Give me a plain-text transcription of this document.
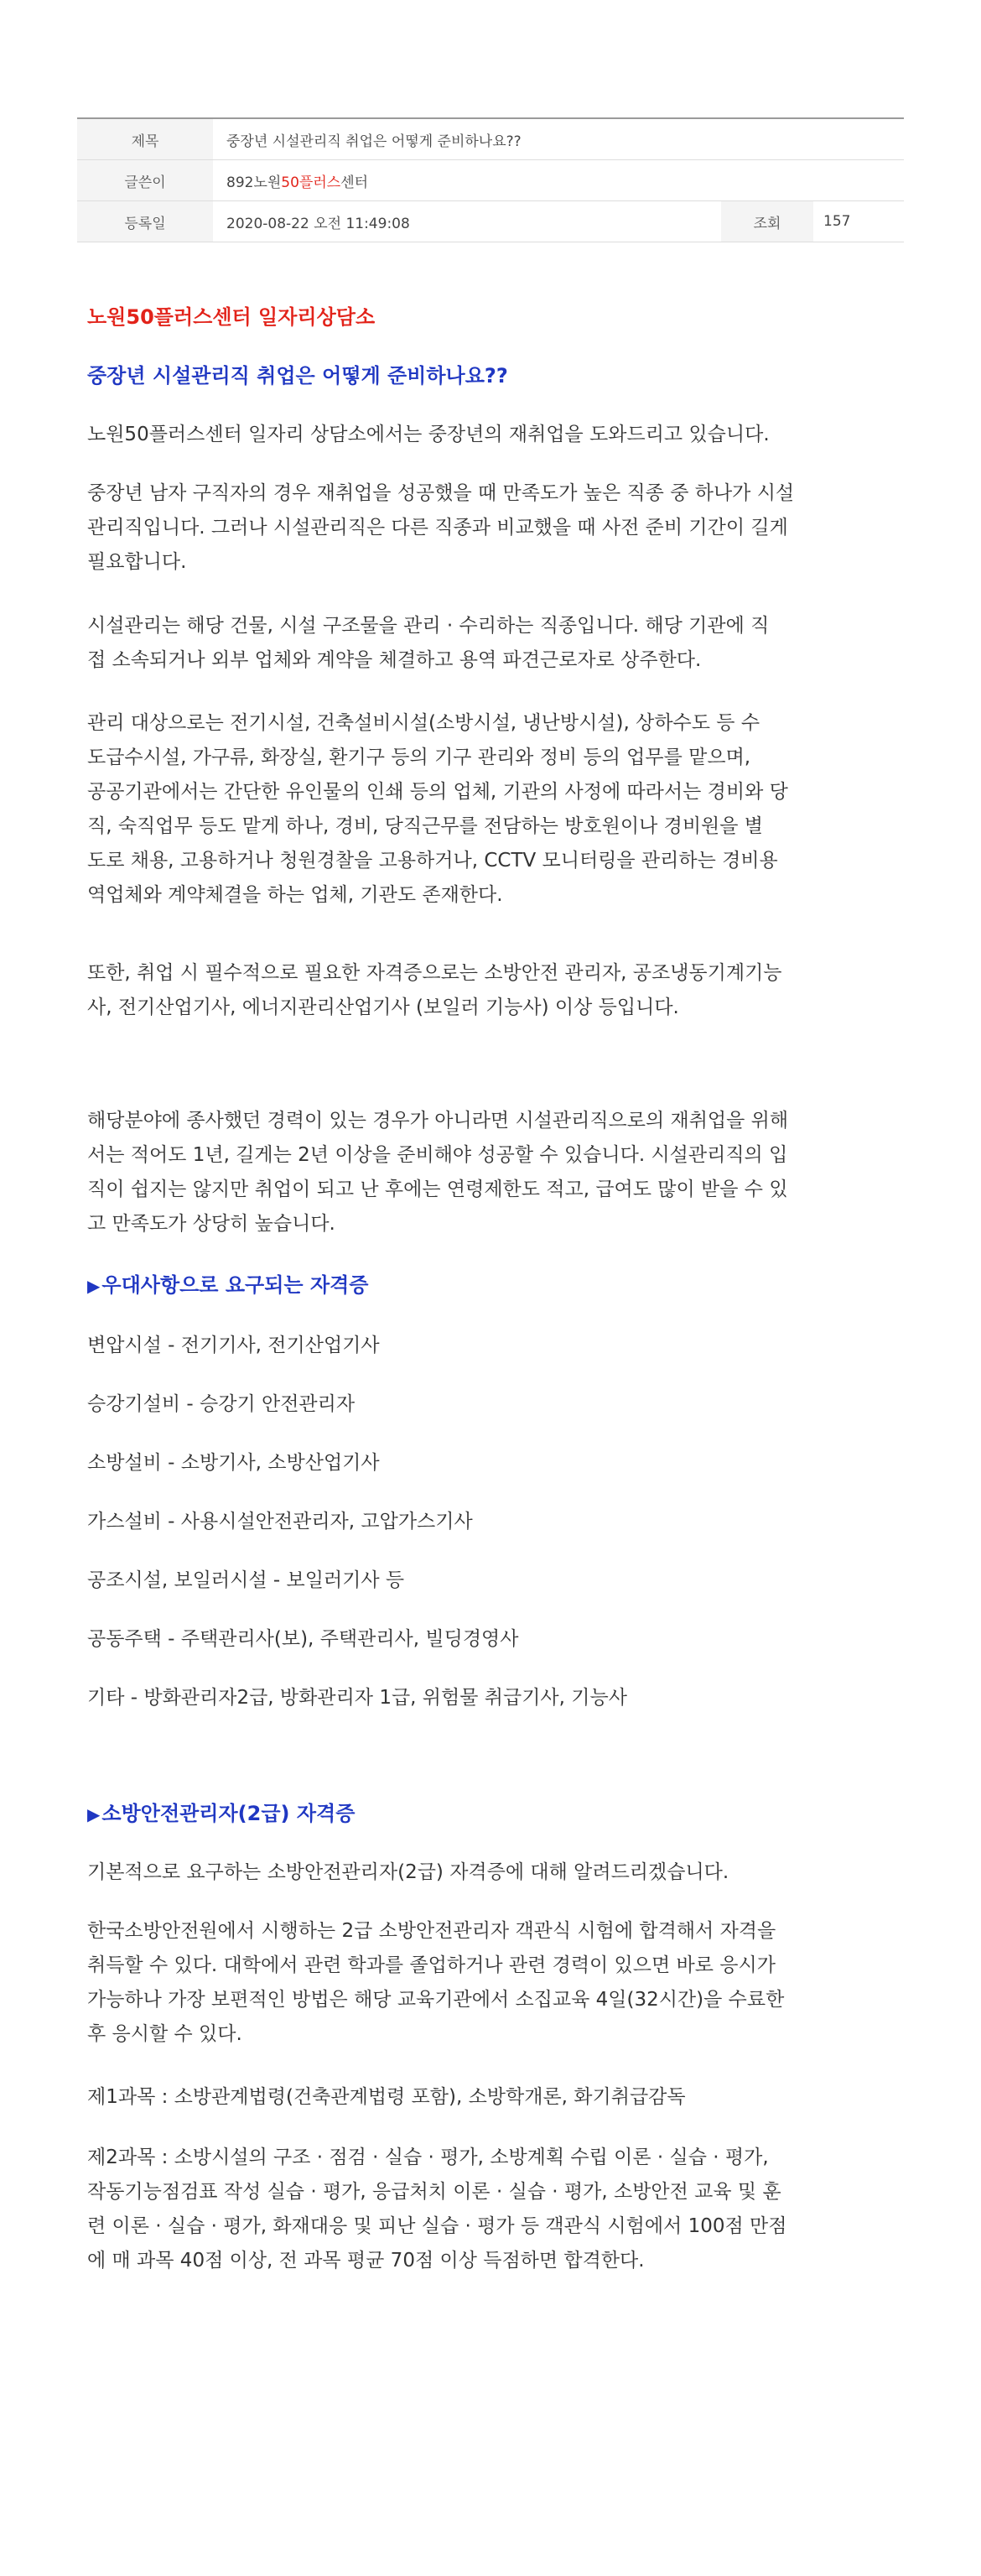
제목	중장년 시설관리직 취업은 어떻게 준비하나요??
글쓴이	892노원 50플러스 센터
등록일	2020-08-22 오전 11:49:08	조회	157

노원50플러스센터 일자리상담소

중장년 시설관리직 취업은 어떻게 준비하나요??

노원50플러스센터 일자리 상담소에서는 중장년의 재취업을 도와드리고 있습니다.

중장년 남자 구직자의 경우 재취업을 성공했을 때 만족도가 높은 직종 중 하나가 시설

관리직입니다. 그러나 시설관리직은 다른 직종과 비교했을 때 사전 준비 기간이 길게

필요합니다.

시설관리는 해당 건물, 시설 구조물을 관리 · 수리하는 직종입니다. 해당 기관에 직

접 소속되거나 외부 업체와 계약을 체결하고 용역 파견근로자로 상주한다.

관리 대상으로는 전기시설, 건축설비시설(소방시설, 냉난방시설), 상하수도 등 수

도급수시설, 가구류, 화장실, 환기구 등의 기구 관리와 정비 등의 업무를 맡으며,

공공기관에서는 간단한 유인물의 인쇄 등의 업체, 기관의 사정에 따라서는 경비와 당

직, 숙직업무 등도 맡게 하나, 경비, 당직근무를 전담하는 방호원이나 경비원을 별

도로 채용, 고용하거나 청원경찰을 고용하거나, CCTV 모니터링을 관리하는 경비용

역업체와 계약체결을 하는 업체, 기관도 존재한다.

또한, 취업 시 필수적으로 필요한 자격증으로는 소방안전 관리자, 공조냉동기계기능

사, 전기산업기사, 에너지관리산업기사 (보일러 기능사) 이상 등입니다.

해당분야에 종사했던 경력이 있는 경우가 아니라면 시설관리직으로의 재취업을 위해

서는 적어도 1년, 길게는 2년 이상을 준비해야 성공할 수 있습니다. 시설관리직의 입

직이 쉽지는 않지만 취업이 되고 난 후에는 연령제한도 적고, 급여도 많이 받을 수 있

고 만족도가 상당히 높습니다.

▶우대사항으로 요구되는 자격증

변압시설 - 전기기사, 전기산업기사

승강기설비 - 승강기 안전관리자

소방설비 - 소방기사, 소방산업기사

가스설비 - 사용시설안전관리자, 고압가스기사

공조시설, 보일러시설 - 보일러기사 등

공동주택 - 주택관리사(보), 주택관리사, 빌딩경영사

기타 - 방화관리자2급, 방화관리자 1급, 위험물 취급기사, 기능사

▶소방안전관리자(2급) 자격증

기본적으로 요구하는 소방안전관리자(2급) 자격증에 대해 알려드리겠습니다.

한국소방안전원에서 시행하는 2급 소방안전관리자 객관식 시험에 합격해서 자격을

취득할 수 있다. 대학에서 관련 학과를 졸업하거나 관련 경력이 있으면 바로 응시가

가능하나 가장 보편적인 방법은 해당 교육기관에서 소집교육 4일(32시간)을 수료한

후 응시할 수 있다.

제1과목 : 소방관계법령(건축관계법령 포함), 소방학개론, 화기취급감독

제2과목 : 소방시설의 구조 · 점검 · 실습 · 평가, 소방계획 수립 이론 · 실습 · 평가,

작동기능점검표 작성 실습 · 평가, 응급처치 이론 · 실습 · 평가, 소방안전 교육 및 훈

련 이론 · 실습 · 평가, 화재대응 및 피난 실습 · 평가 등 객관식 시험에서 100점 만점

에 매 과목 40점 이상, 전 과목 평균 70점 이상 득점하면 합격한다.
